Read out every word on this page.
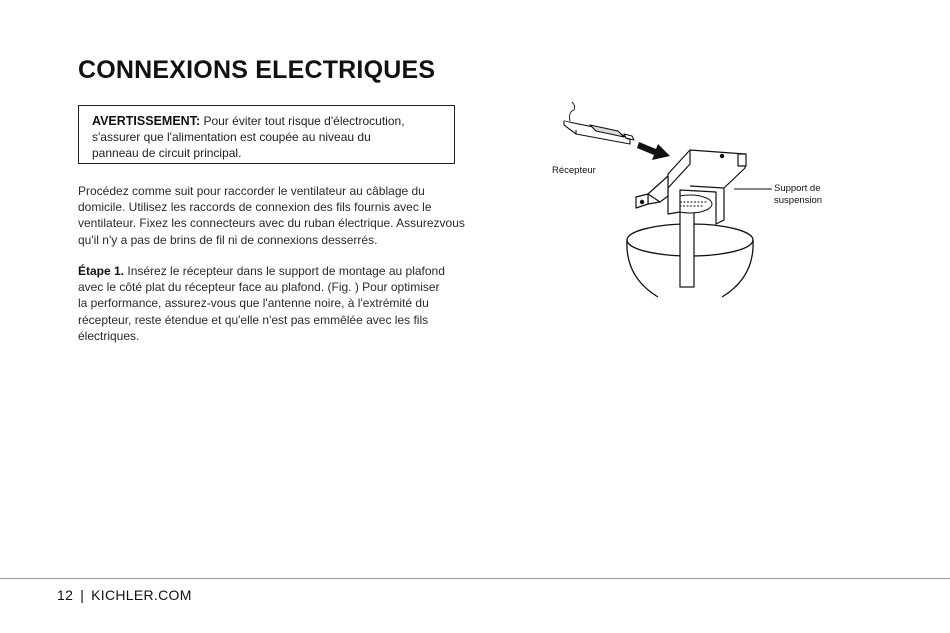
CONNEXIONS ELECTRIQUES
AVERTISSEMENT: Pour éviter tout risque d'électrocution,
s'assurer que l'alimentation est coupée au niveau du
panneau de circuit principal.

Procédez comme suit pour raccorder le ventilateur au câblage du
domicile. Utilisez les raccords de connexion des fils fournis avec le
ventilateur. Fixez les connecteurs avec du ruban électrique. Assurezvous
qu'il n'y a pas de brins de fil ni de connexions desserrés.

Étape 1. Insérez le récepteur dans le support de montage au plafond
avec le côté plat du récepteur face au plafond. (Fig. ) Pour optimiser
la performance, assurez-vous que l'antenne noire, à l'extrémité du
récepteur, reste étendue et qu'elle n'est pas emmêlée avec les fils
électriques.

Récepteur
Support de
suspension
12 | KICHLER.COM
